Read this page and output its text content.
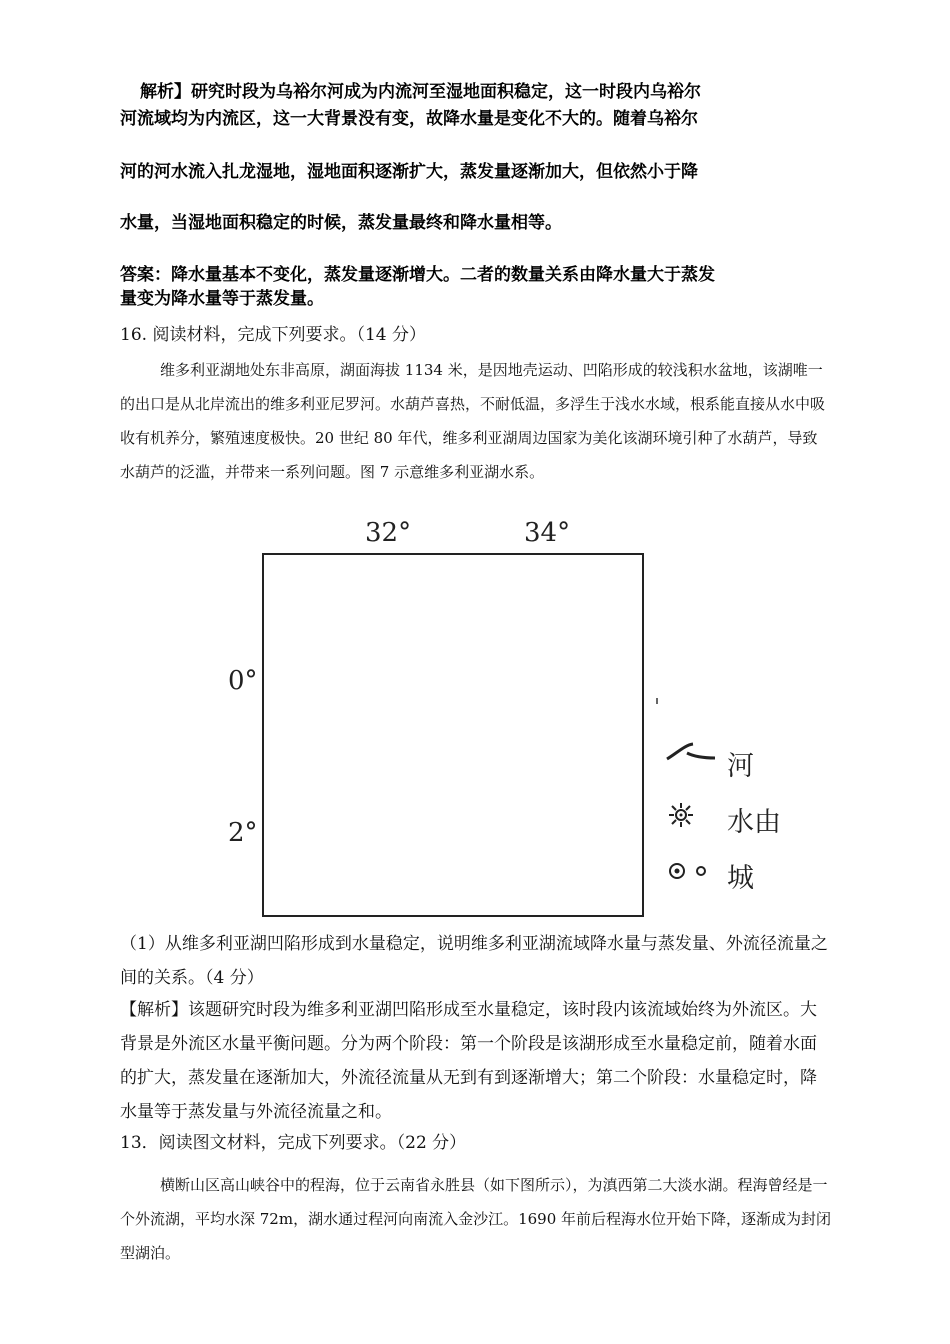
解析】研究时段为乌裕尔河成为内流河至湿地面积稳定，这一时段内乌裕尔
河流域均为内流区，这一大背景没有变，故降水量是变化不大的。随着乌裕尔
河的河水流入扎龙湿地，湿地面积逐渐扩大，蒸发量逐渐加大，但依然小于降
水量，当湿地面积稳定的时候，蒸发量最终和降水量相等。
答案：降水量基本不变化，蒸发量逐渐增大。二者的数量关系由降水量大于蒸发
量变为降水量等于蒸发量。
16. 阅读材料，完成下列要求。（14 分）
维多利亚湖地处东非高原，湖面海拔 1134 米，是因地壳运动、凹陷形成的较浅积水盆地，该湖唯一的出口是从北岸流出的维多利亚尼罗河。水葫芦喜热，不耐低温，多浮生于浅水水域，根系能直接从水中吸收有机养分，繁殖速度极快。20 世纪 80 年代，维多利亚湖周边国家为美化该湖环境引种了水葫芦，导致水葫芦的泛滥，并带来一系列问题。图 7 示意维多利亚湖水系。
32°	34°
0°
2°
河
水由
城
（1）从维多利亚湖凹陷形成到水量稳定，说明维多利亚湖流域降水量与蒸发量、外流径流量之间的关系。（4 分）
【解析】该题研究时段为维多利亚湖凹陷形成至水量稳定，该时段内该流域始终为外流区。大背景是外流区水量平衡问题。分为两个阶段：第一个阶段是该湖形成至水量稳定前，随着水面的扩大，蒸发量在逐渐加大，外流径流量从无到有到逐渐增大；第二个阶段：水量稳定时，降水量等于蒸发量与外流径流量之和。
13．阅读图文材料，完成下列要求。（22 分）
横断山区高山峡谷中的程海，位于云南省永胜县（如下图所示），为滇西第二大淡水湖。程海曾经是一个外流湖，平均水深 72m，湖水通过程河向南流入金沙江。1690 年前后程海水位开始下降，逐渐成为封闭型湖泊。
